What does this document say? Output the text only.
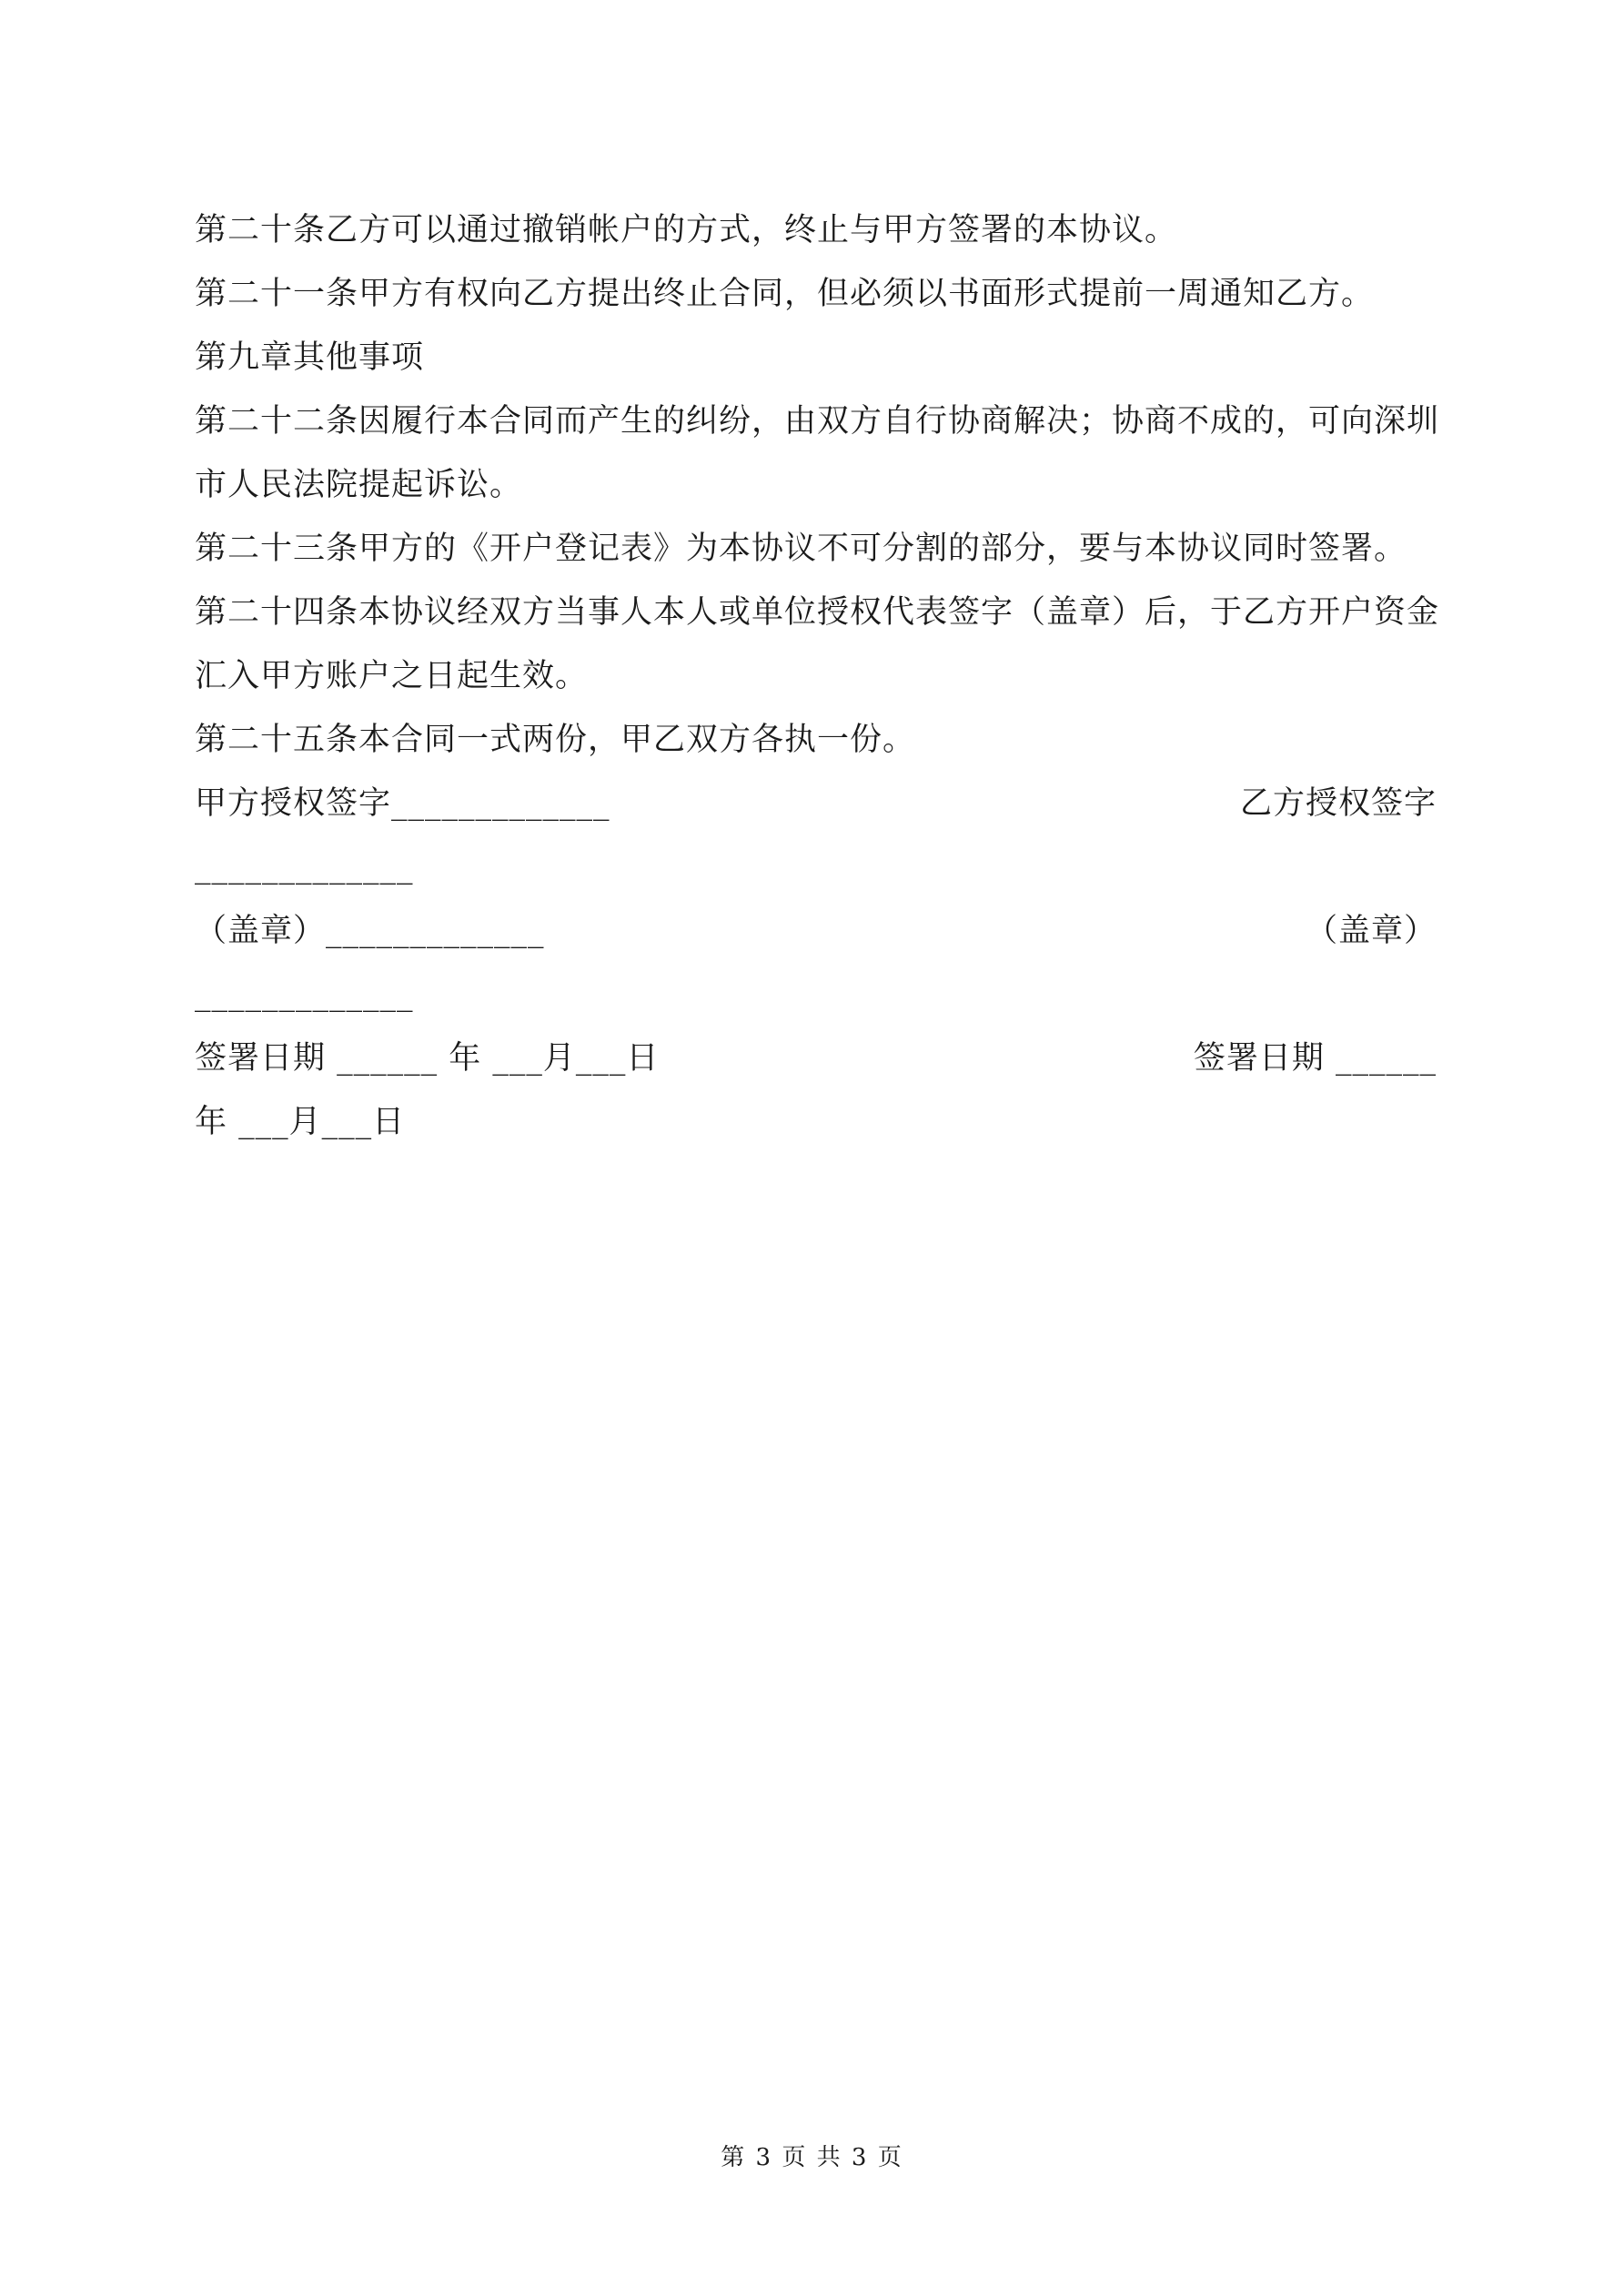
第二十条乙方可以通过撤销帐户的方式，终止与甲方签署的本协议。

第二十一条甲方有权向乙方提出终止合同，但必须以书面形式提前一周通知乙方。

第九章其他事项

第二十二条因履行本合同而产生的纠纷，由双方自行协商解决；协商不成的，可向深圳

市人民法院提起诉讼。

第二十三条甲方的《开户登记表》为本协议不可分割的部分，要与本协议同时签署。

第二十四条本协议经双方当事人本人或单位授权代表签字（盖章）后，于乙方开户资金

汇入甲方账户之日起生效。

第二十五条本合同一式两份，甲乙双方各执一份。

甲方授权签字_____________	乙方授权签字
_____________
（盖章）_____________	（盖章）
_____________
签署日期 ______ 年 ___月___日	签署日期 ______
年 ___月___日
第 3 页 共 3 页
